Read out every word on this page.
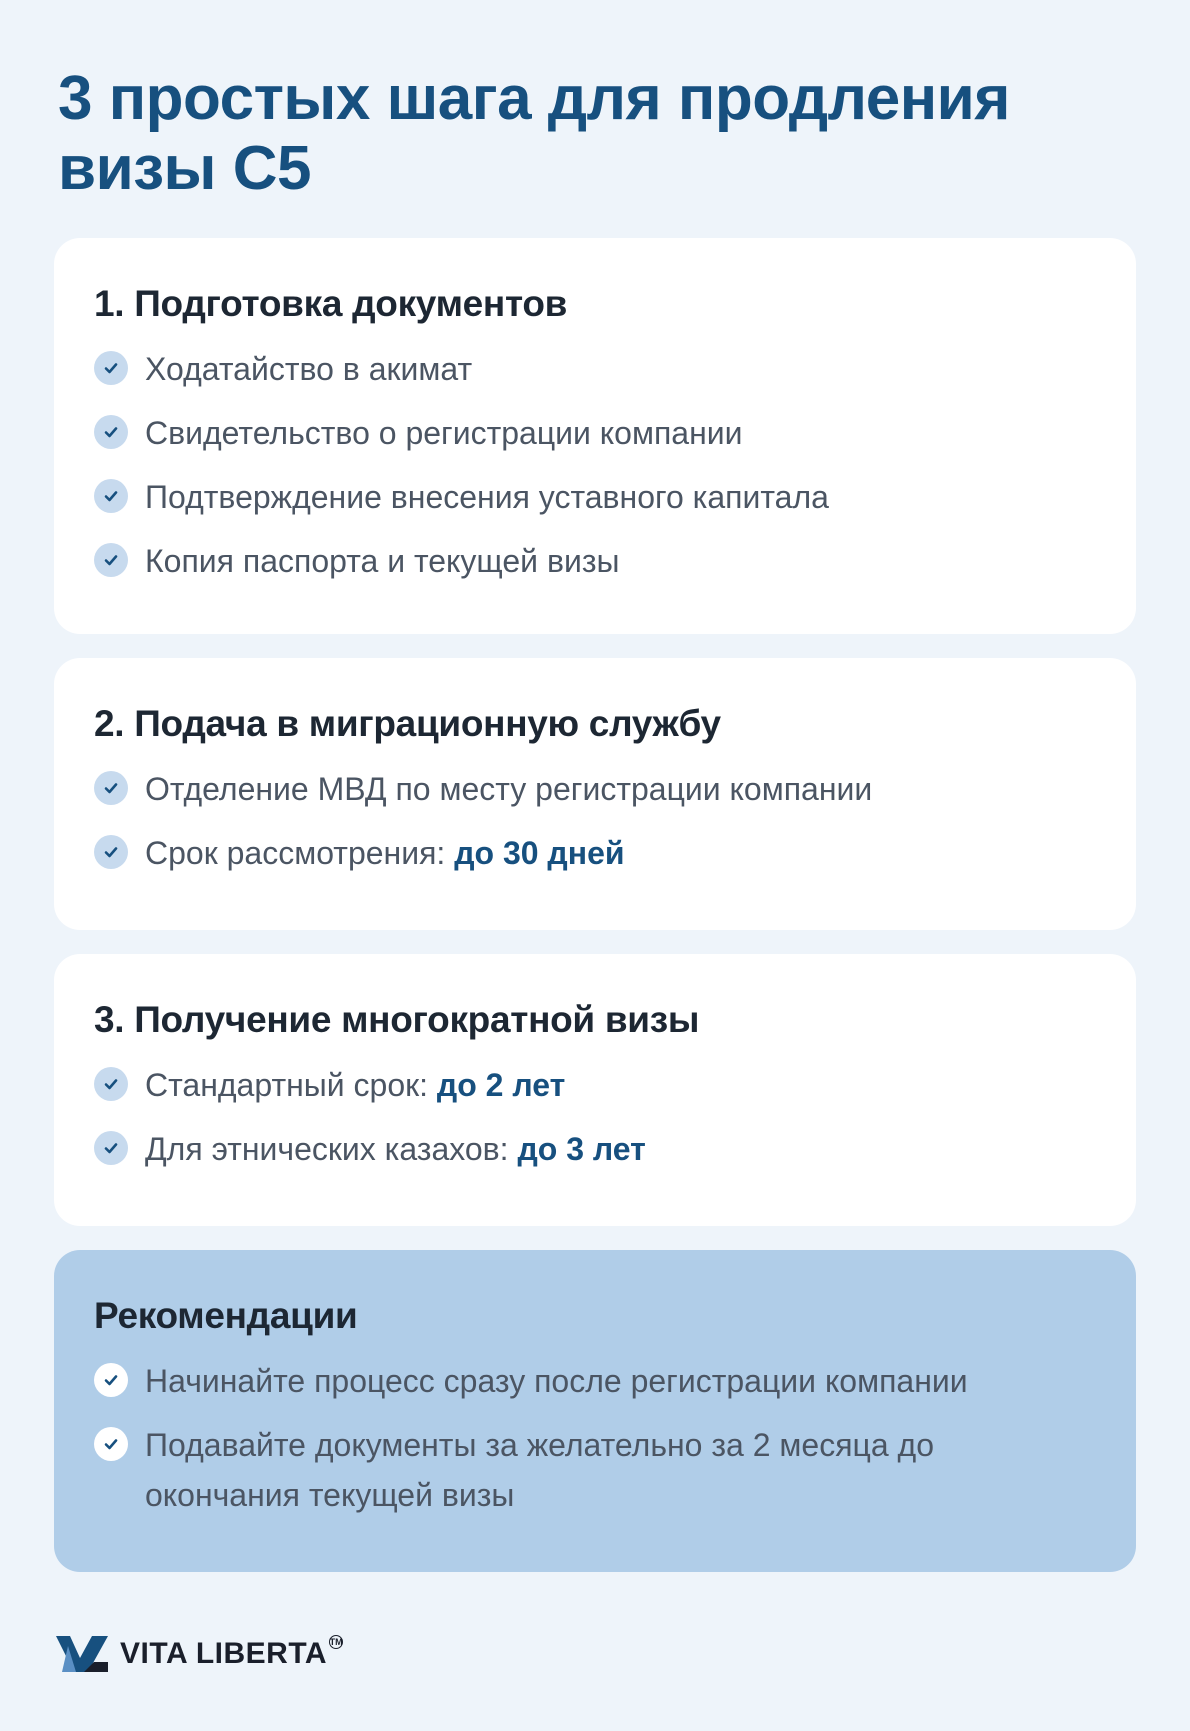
3 простых шага для продления визы С5
1. Подготовка документов
Ходатайство в акимат
Свидетельство о регистрации компании
Подтверждение внесения уставного капитала
Копия паспорта и текущей визы
2. Подача в миграционную службу
Отделение МВД по месту регистрации компании
Срок рассмотрения: до 30 дней
3. Получение многократной визы
Стандартный срок: до 2 лет
Для этнических казахов: до 3 лет
Рекомендации
Начинайте процесс сразу после регистрации компании
Подавайте документы за желательно за 2 месяца до окончания текущей визы
VITA LIBERTA TM
